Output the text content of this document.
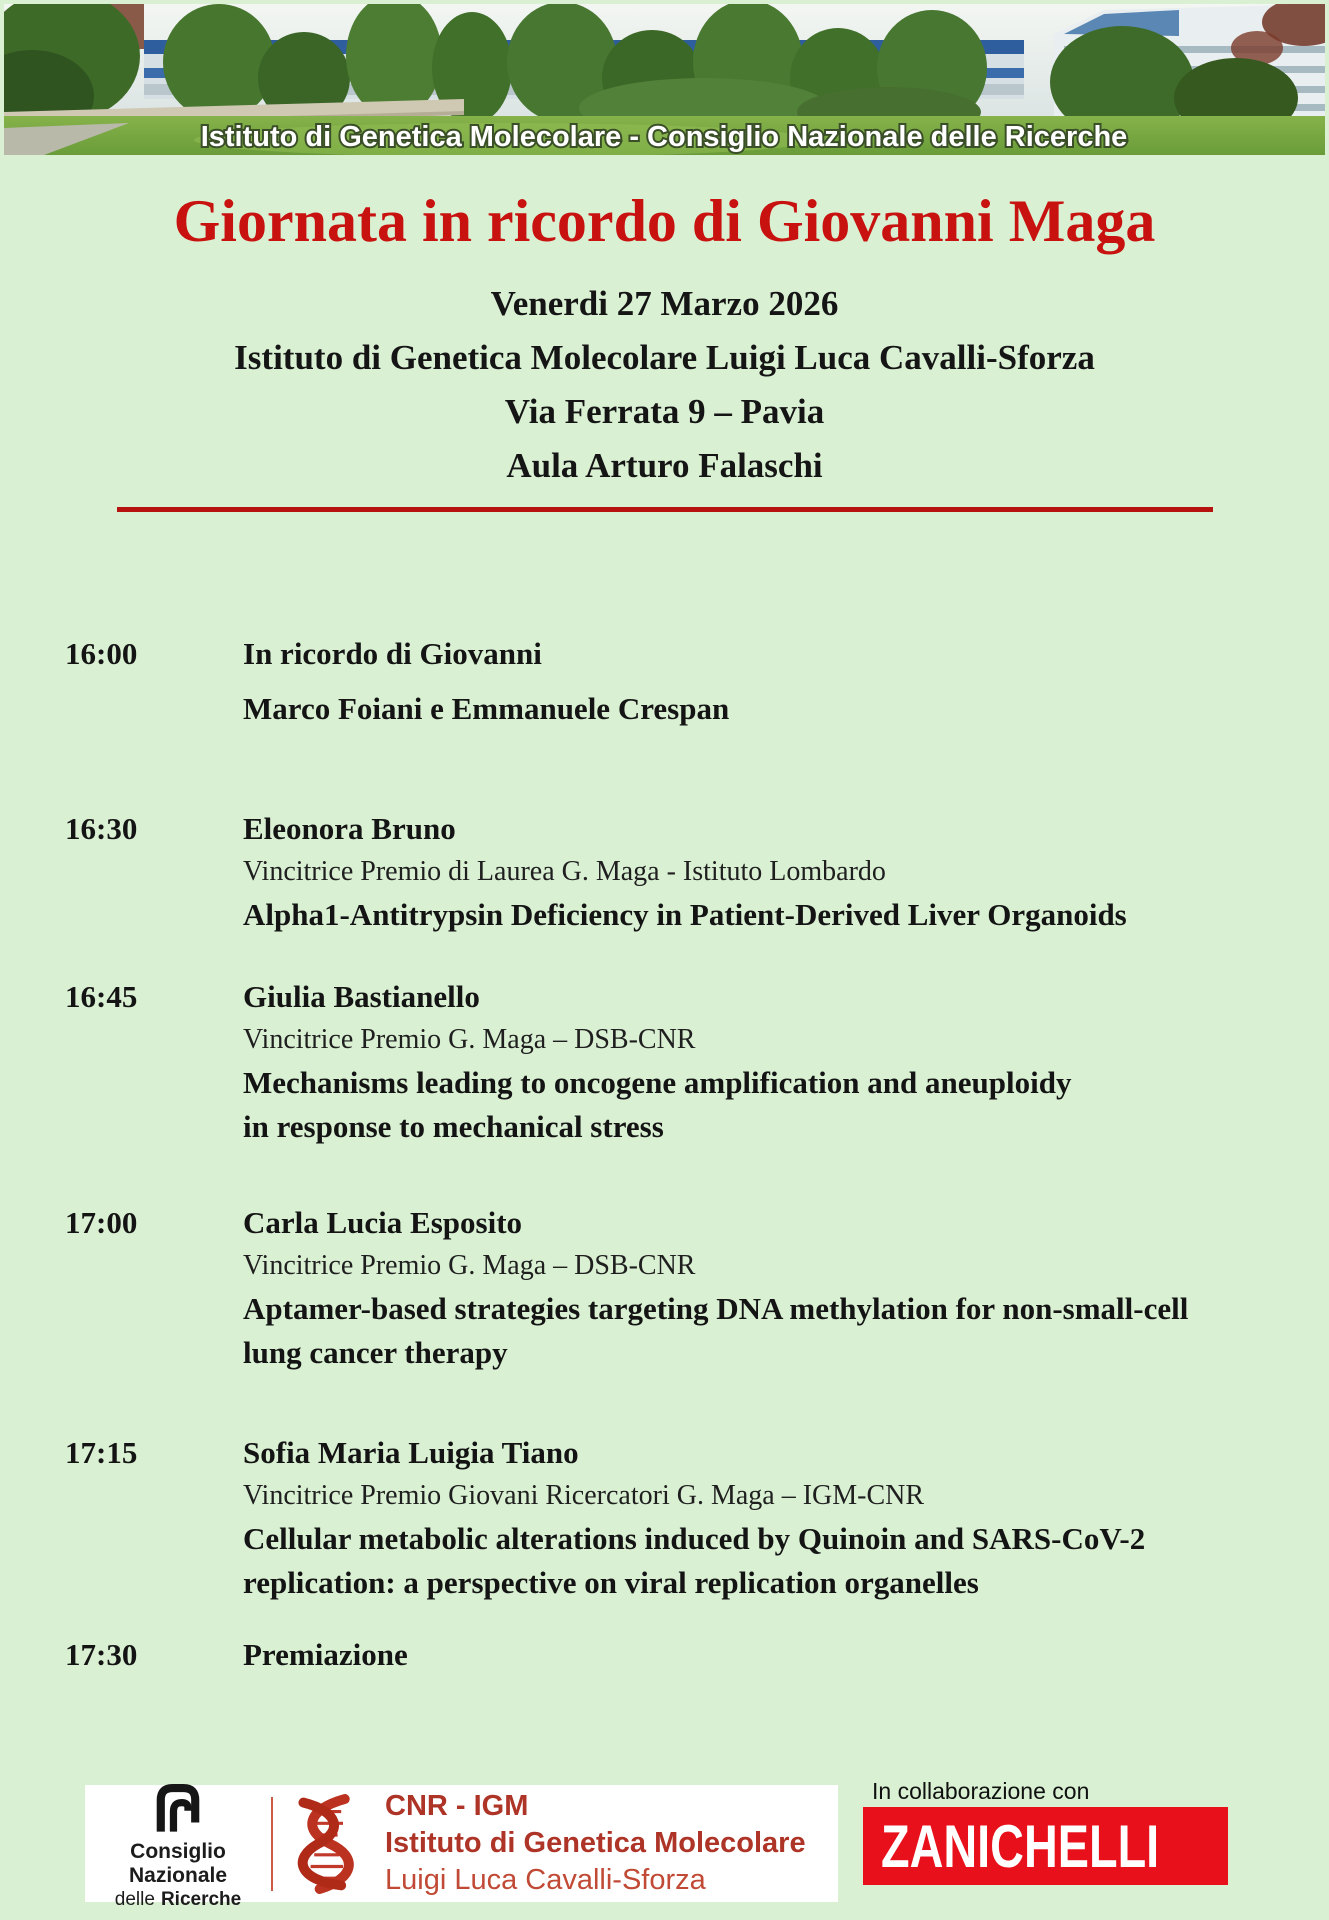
Istituto di Genetica Molecolare - Consiglio Nazionale delle Ricerche
Giornata in ricordo di Giovanni Maga
Venerdi 27 Marzo 2026
Istituto di Genetica Molecolare Luigi Luca Cavalli-Sforza
Via Ferrata 9 – Pavia
Aula Arturo Falaschi
16:00	In ricordo di Giovanni
Marco Foiani e Emmanuele Crespan
16:30	Eleonora Bruno
Vincitrice Premio di Laurea G. Maga - Istituto Lombardo
Alpha1-Antitrypsin Deficiency in Patient-Derived Liver Organoids
16:45	Giulia Bastianello
Vincitrice Premio G. Maga – DSB-CNR
Mechanisms leading to oncogene amplification and aneuploidy
in response to mechanical stress
17:00	Carla Lucia Esposito
Vincitrice Premio G. Maga – DSB-CNR
Aptamer-based strategies targeting DNA methylation for non-small-cell
lung cancer therapy
17:15	Sofia Maria Luigia Tiano
Vincitrice Premio Giovani Ricercatori G. Maga – IGM-CNR
Cellular metabolic alterations induced by Quinoin and SARS-CoV-2
replication: a perspective on viral replication organelles
17:30	Premiazione
Consiglio Nazionale
delle Ricerche
CNR - IGM
Istituto di Genetica Molecolare
Luigi Luca Cavalli-Sforza
In collaborazione con
ZANICHELLI
